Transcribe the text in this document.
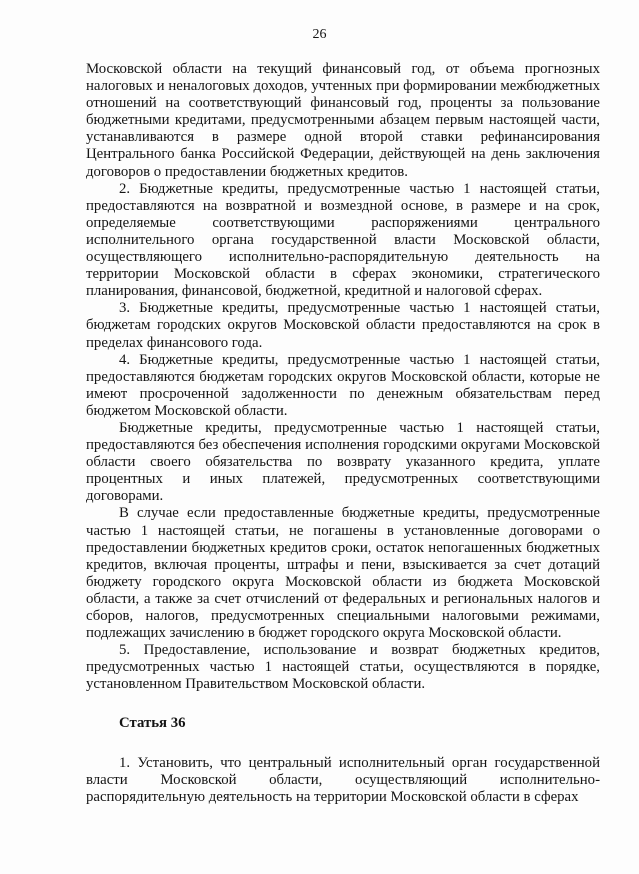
26

Московской области на текущий финансовый год, от объема прогнозных налоговых и неналоговых доходов, учтенных при формировании межбюджетных отношений на соответствующий финансовый год, проценты за пользование бюджетными кредитами, предусмотренными абзацем первым настоящей части, устанавливаются в размере одной второй ставки рефинансирования Центрального банка Российской Федерации, действующей на день заключения договоров о предоставлении бюджетных кредитов.

2. Бюджетные кредиты, предусмотренные частью 1 настоящей статьи, предоставляются на возвратной и возмездной основе, в размере и на срок, определяемые соответствующими распоряжениями центрального исполнительного органа государственной власти Московской области, осуществляющего исполнительно-распорядительную деятельность на территории Московской области в сферах экономики, стратегического планирования, финансовой, бюджетной, кредитной и налоговой сферах.

3. Бюджетные кредиты, предусмотренные частью 1 настоящей статьи, бюджетам городских округов Московской области предоставляются на срок в пределах финансового года.

4. Бюджетные кредиты, предусмотренные частью 1 настоящей статьи, предоставляются бюджетам городских округов Московской области, которые не имеют просроченной задолженности по денежным обязательствам перед бюджетом Московской области.

Бюджетные кредиты, предусмотренные частью 1 настоящей статьи, предоставляются без обеспечения исполнения городскими округами Московской области своего обязательства по возврату указанного кредита, уплате процентных и иных платежей, предусмотренных соответствующими договорами.

В случае если предоставленные бюджетные кредиты, предусмотренные частью 1 настоящей статьи, не погашены в установленные договорами о предоставлении бюджетных кредитов сроки, остаток непогашенных бюджетных кредитов, включая проценты, штрафы и пени, взыскивается за счет дотаций бюджету городского округа Московской области из бюджета Московской области, а также за счет отчислений от федеральных и региональных налогов и сборов, налогов, предусмотренных специальными налоговыми режимами, подлежащих зачислению в бюджет городского округа Московской области.

5. Предоставление, использование и возврат бюджетных кредитов, предусмотренных частью 1 настоящей статьи, осуществляются в порядке, установленном Правительством Московской области.

Статья 36

1. Установить, что центральный исполнительный орган государственной власти Московской области, осуществляющий исполнительно-распорядительную деятельность на территории Московской области в сферах
